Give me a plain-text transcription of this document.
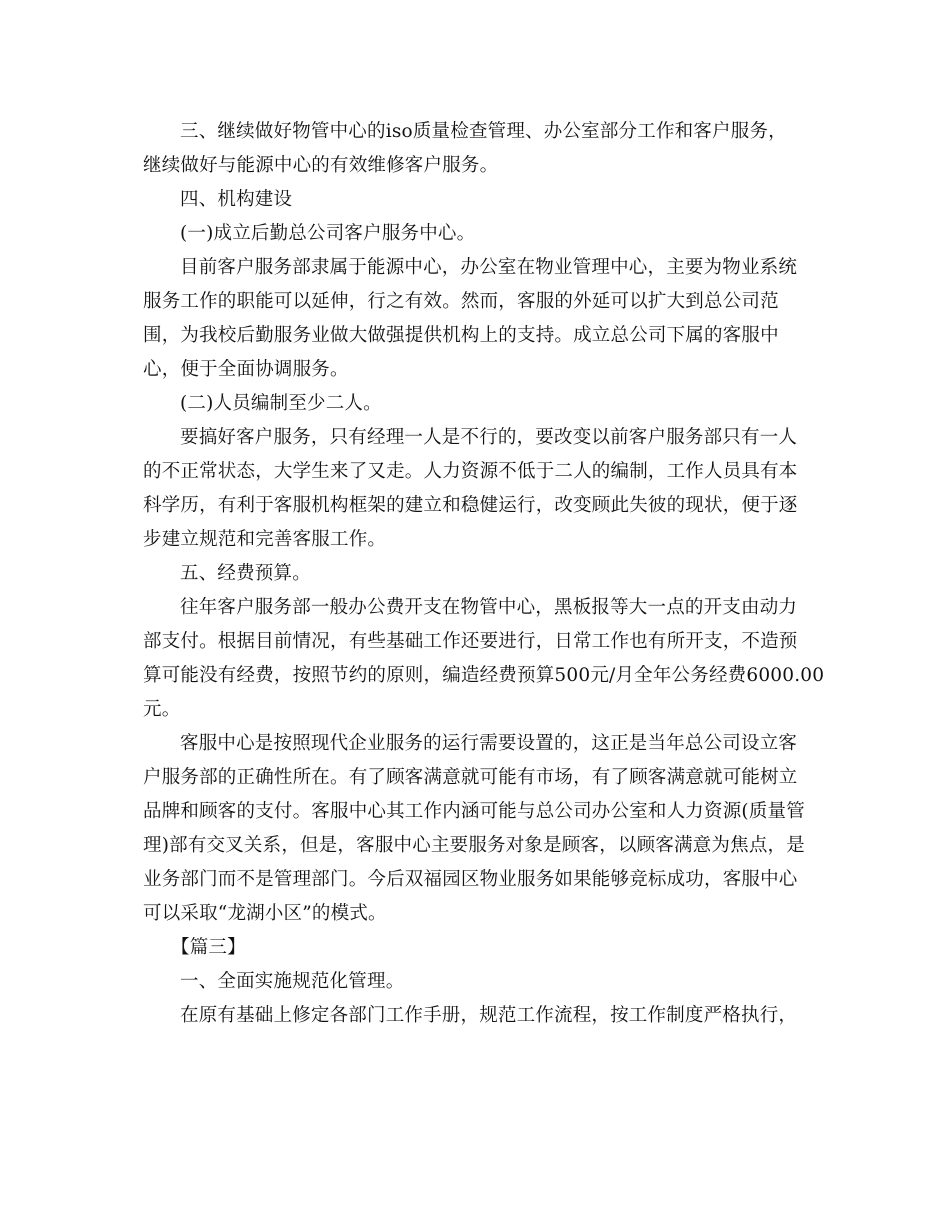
三、继续做好物管中心的iso质量检查管理、办公室部分工作和客户服务，
继续做好与能源中心的有效维修客户服务。
四、机构建设
(一)成立后勤总公司客户服务中心。
目前客户服务部隶属于能源中心，办公室在物业管理中心，主要为物业系统
服务工作的职能可以延伸，行之有效。然而，客服的外延可以扩大到总公司范
围，为我校后勤服务业做大做强提供机构上的支持。成立总公司下属的客服中
心，便于全面协调服务。
(二)人员编制至少二人。
要搞好客户服务，只有经理一人是不行的，要改变以前客户服务部只有一人
的不正常状态，大学生来了又走。人力资源不低于二人的编制，工作人员具有本
科学历，有利于客服机构框架的建立和稳健运行，改变顾此失彼的现状，便于逐
步建立规范和完善客服工作。
五、经费预算。
往年客户服务部一般办公费开支在物管中心，黑板报等大一点的开支由动力
部支付。根据目前情况，有些基础工作还要进行，日常工作也有所开支，不造预
算可能没有经费，按照节约的原则，编造经费预算500元/月全年公务经费6000.00
元。
客服中心是按照现代企业服务的运行需要设置的，这正是当年总公司设立客
户服务部的正确性所在。有了顾客满意就可能有市场，有了顾客满意就可能树立
品牌和顾客的支付。客服中心其工作内涵可能与总公司办公室和人力资源(质量管
理)部有交叉关系，但是，客服中心主要服务对象是顾客，以顾客满意为焦点，是
业务部门而不是管理部门。今后双福园区物业服务如果能够竞标成功，客服中心
可以采取“龙湖小区”的模式。
【篇三】
一、全面实施规范化管理。
在原有基础上修定各部门工作手册，规范工作流程，按工作制度严格执行，
